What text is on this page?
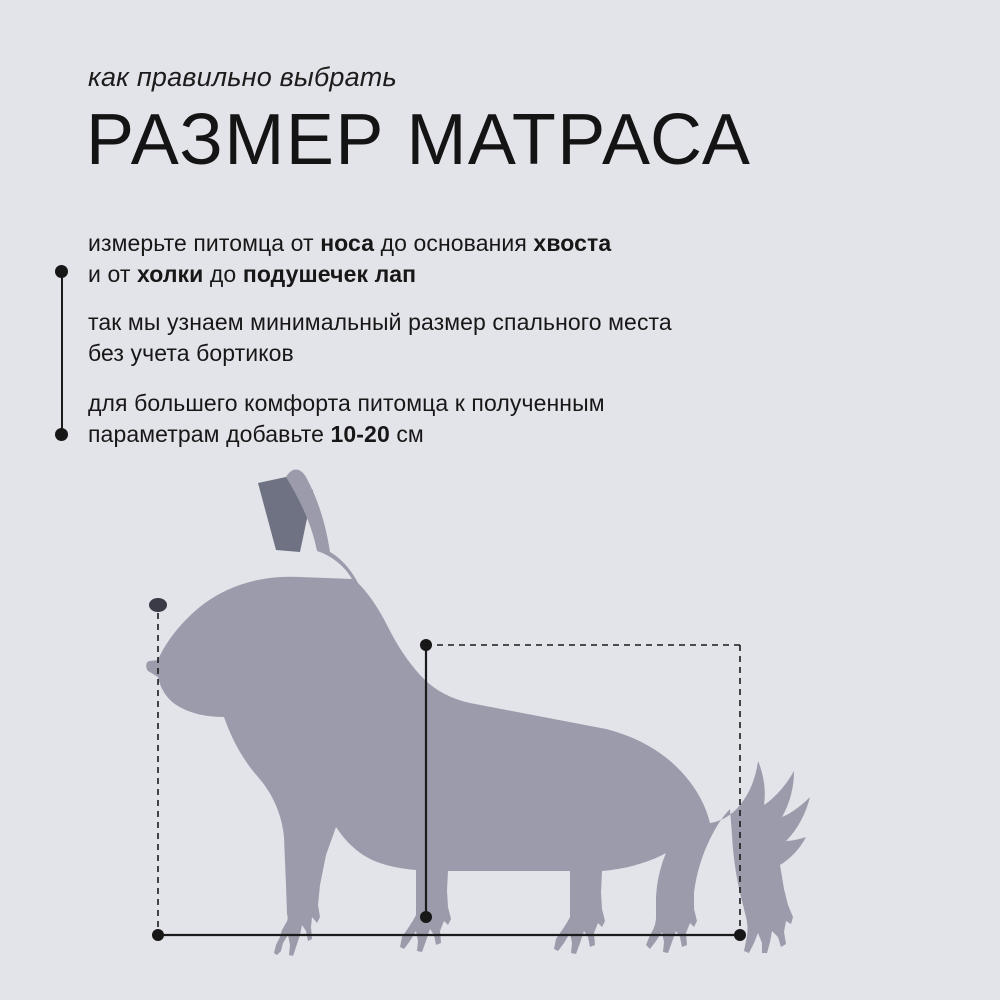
как правильно выбрать
РАЗМЕР МАТРАСА

измерьте питомца от носа до основания хвоста

и от холки до подушечек лап

так мы узнаем минимальный размер спального места

без учета бортиков

для большего комфорта питомца к полученным

параметрам добавьте 10-20 см
